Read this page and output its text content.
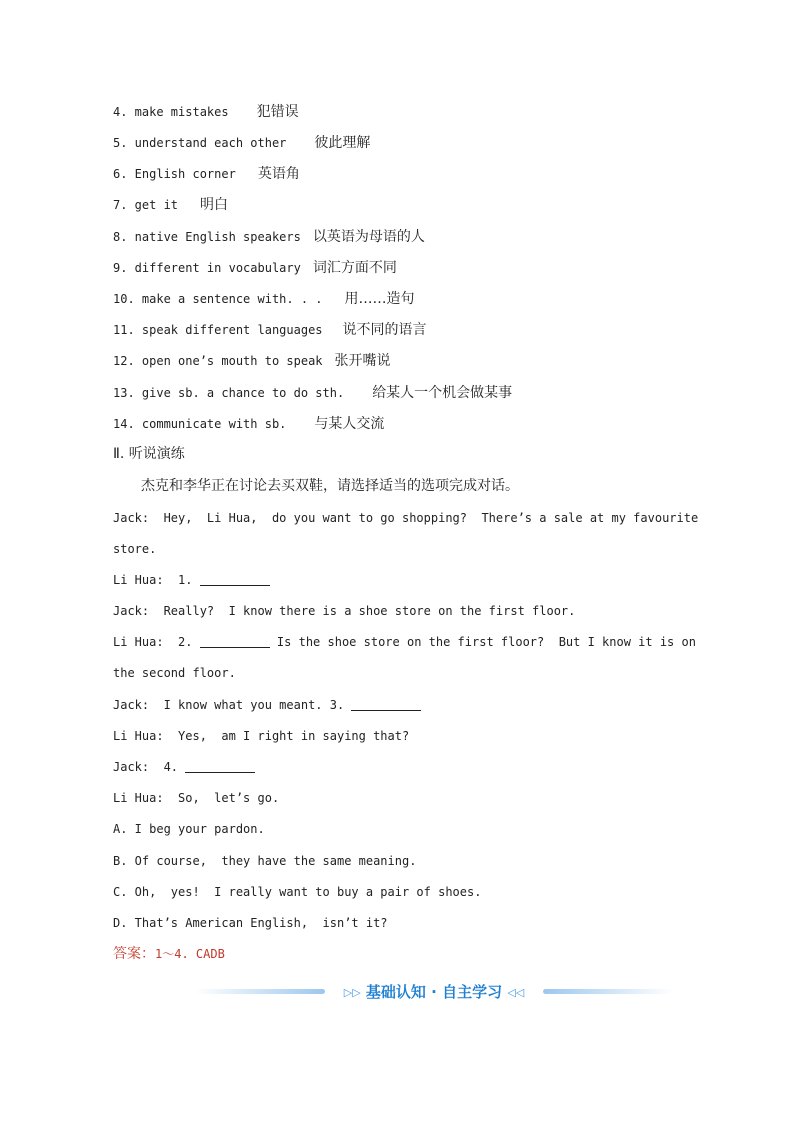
4. make mistakes 犯错误
5. understand each other 彼此理解
6. English corner 英语角
7. get it 明白
8. native English speakers 以英语为母语的人
9. different in vocabulary 词汇方面不同
10. make a sentence with. . . 用……造句
11. speak different languages 说不同的语言
12. open one’s mouth to speak 张开嘴说
13. give sb. a chance to do sth. 给某人一个机会做某事
14. communicate with sb. 与某人交流
Ⅱ. 听说演练
杰克和李华正在讨论去买双鞋，请选择适当的选项完成对话。
Jack:  Hey,  Li Hua,  do you want to go shopping?  There’s a sale at my favourite
store.
Li Hua:  1.
Jack:  Really?  I know there is a shoe store on the first floor.
Li Hua:  2.	Is the shoe store on the first floor?  But I know it is on
the second floor.
Jack:  I know what you meant. 3.
Li Hua:  Yes,  am I right in saying that?
Jack:  4.
Li Hua:  So,  let’s go.
A. I beg your pardon.
B. Of course,  they have the same meaning.
C. Oh,  yes!  I really want to buy a pair of shoes.
D. That’s American English,  isn’t it?
答案：1～4. CADB
▷▷ 基础认知 · 自主学习 ◁◁
